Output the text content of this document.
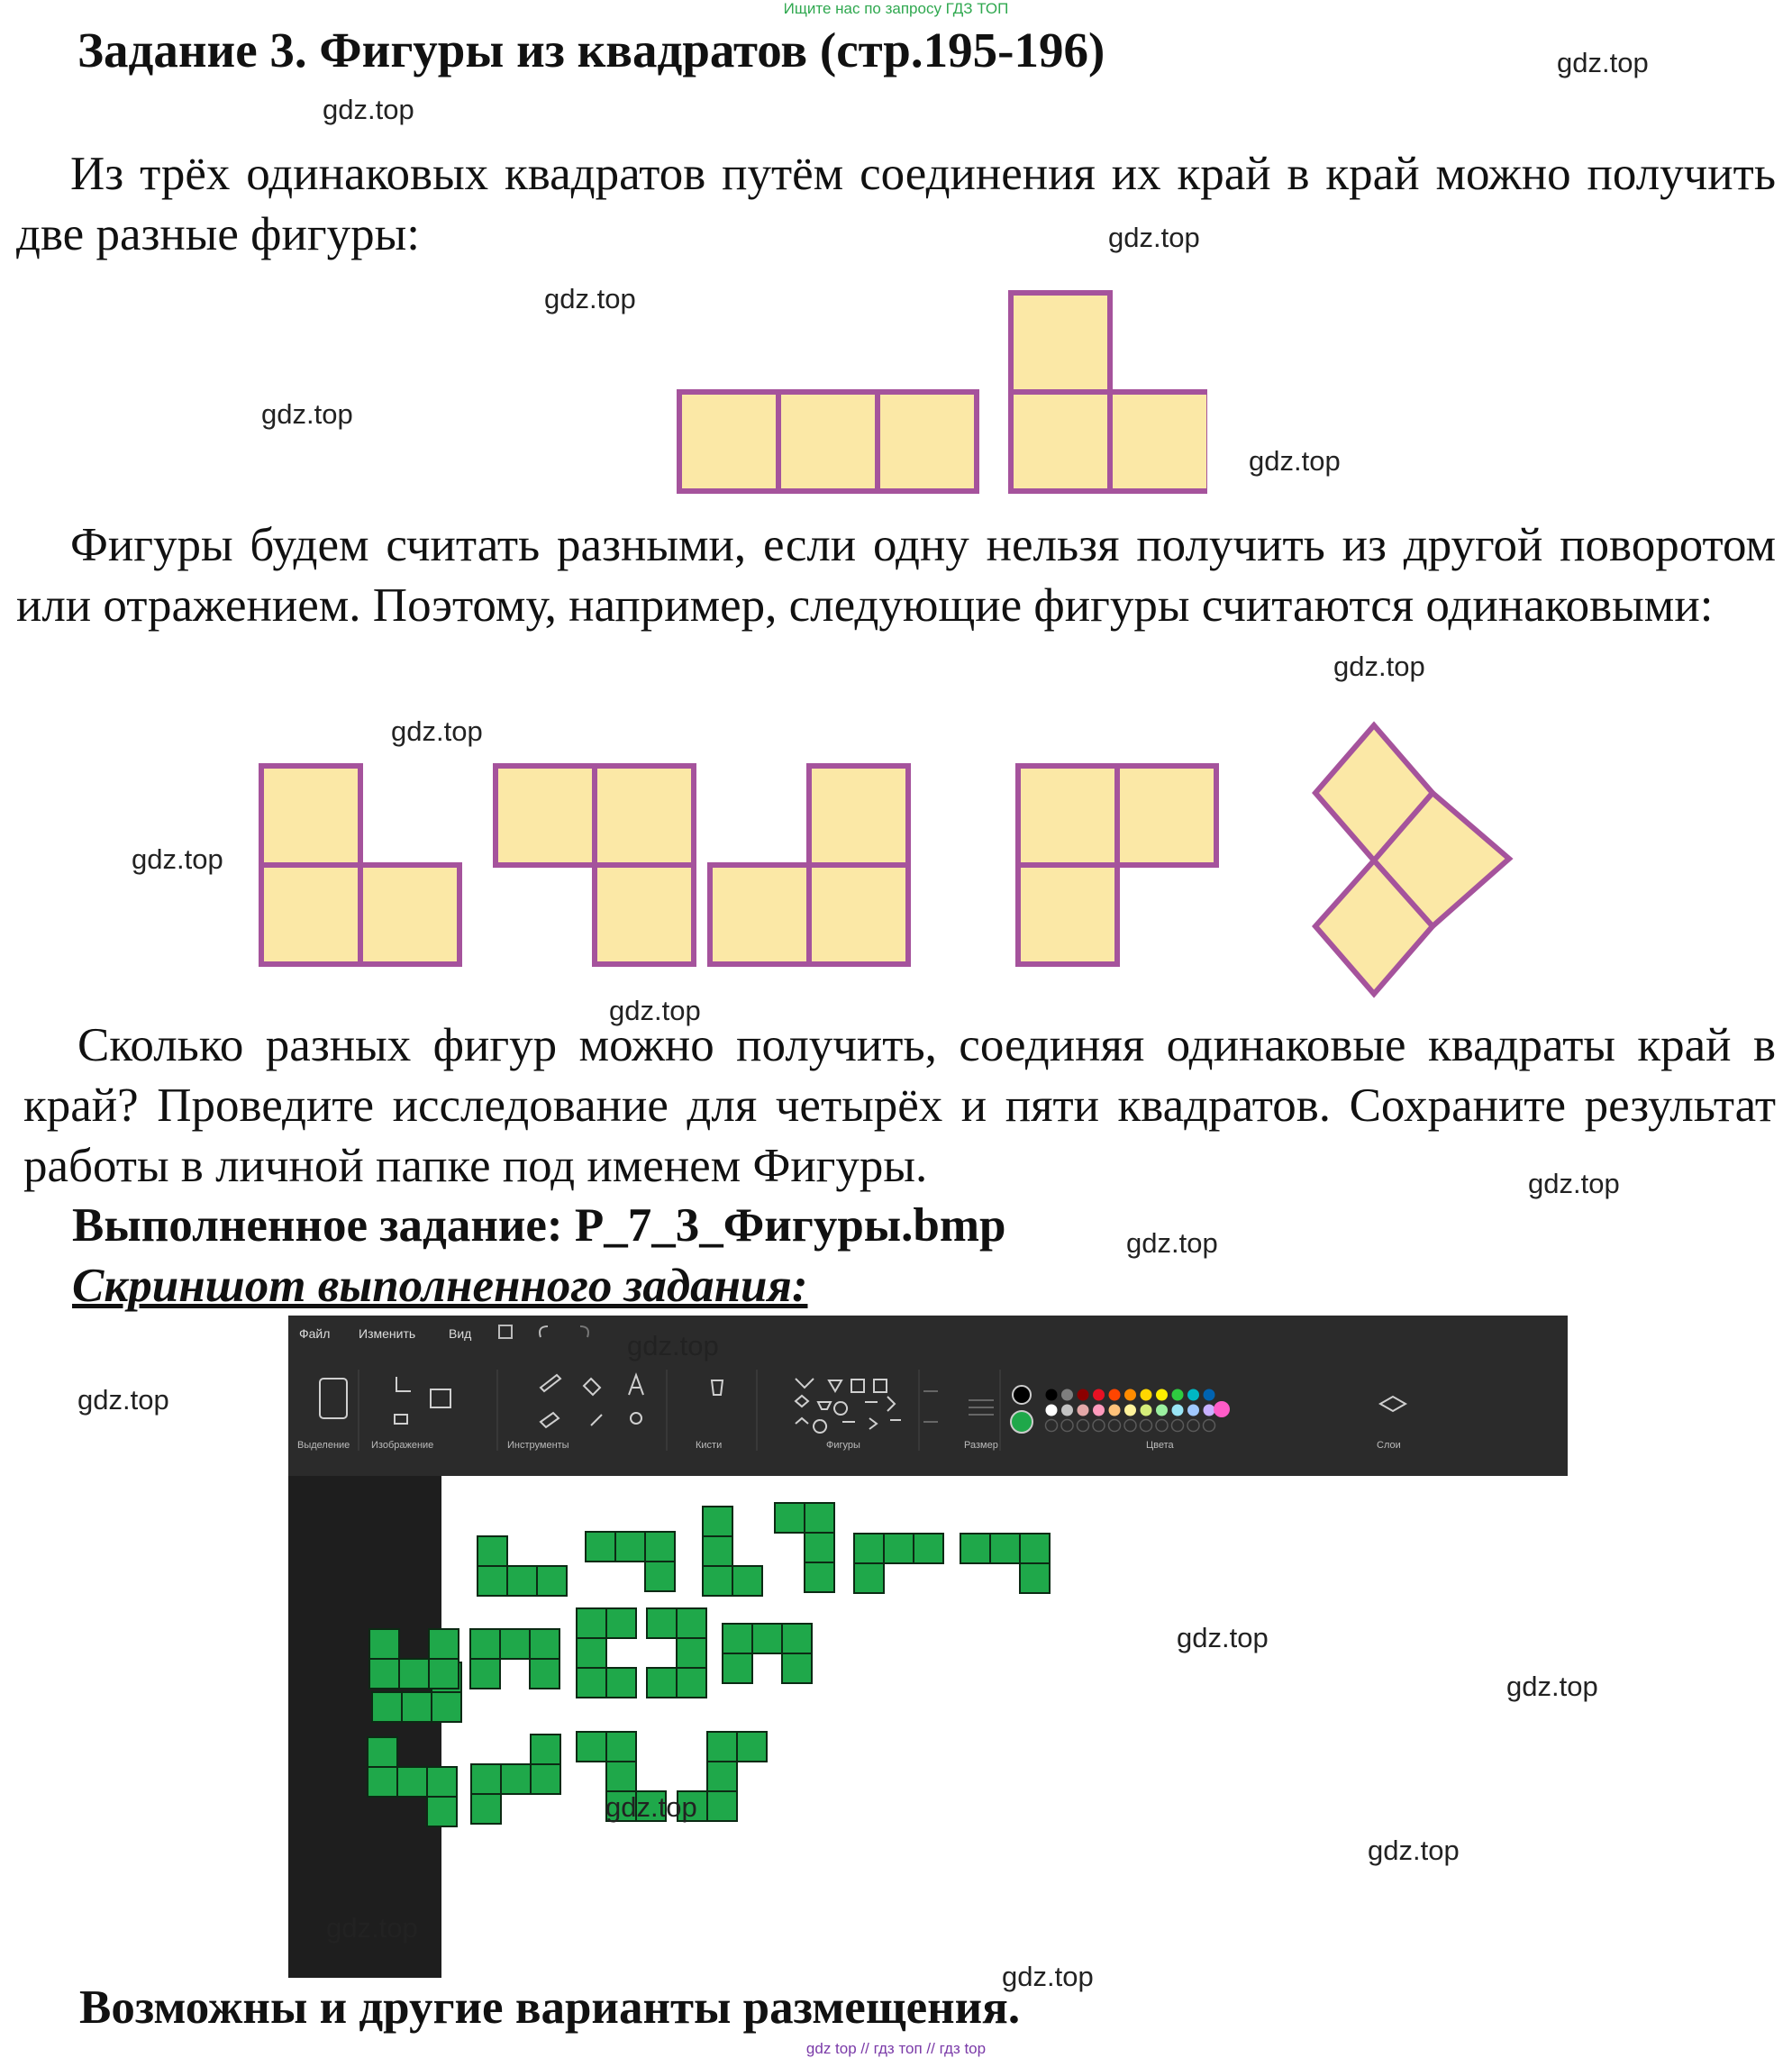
Ищите нас по запросу ГДЗ ТОП
Задание 3. Фигуры из квадратов (стр.195-196)
Из трёх одинаковых квадратов путём соединения их край в край можно получить две разные фигуры:
Фигуры будем считать разными, если одну нельзя получить из другой поворотом или отражением. Поэтому, например, следующие фигуры считаются одинаковыми:
Сколько разных фигур можно получить, соединяя одинаковые квадраты край в край? Проведите исследование для четырёх и пяти квадратов. Сохраните результат работы в личной папке под именем Фигуры.
Выполненное задание: Р_7_3_Фигуры.bmp
Скриншот выполненного задания:
Файл Изменить	Вид
Выделение Изображение	Инструменты	Кисти	Фигуры	Размер	Цвета	Слои
Возможны и другие варианты размещения.
gdz top // гдз топ // гдз top
gdz.top
gdz.top
gdz.top
gdz.top
gdz.top
gdz.top
gdz.top
gdz.top
gdz.top
gdz.top
gdz.top
gdz.top
gdz.top
gdz.top
gdz.top
gdz.top
gdz.top
gdz.top
gdz.top
gdz.top
